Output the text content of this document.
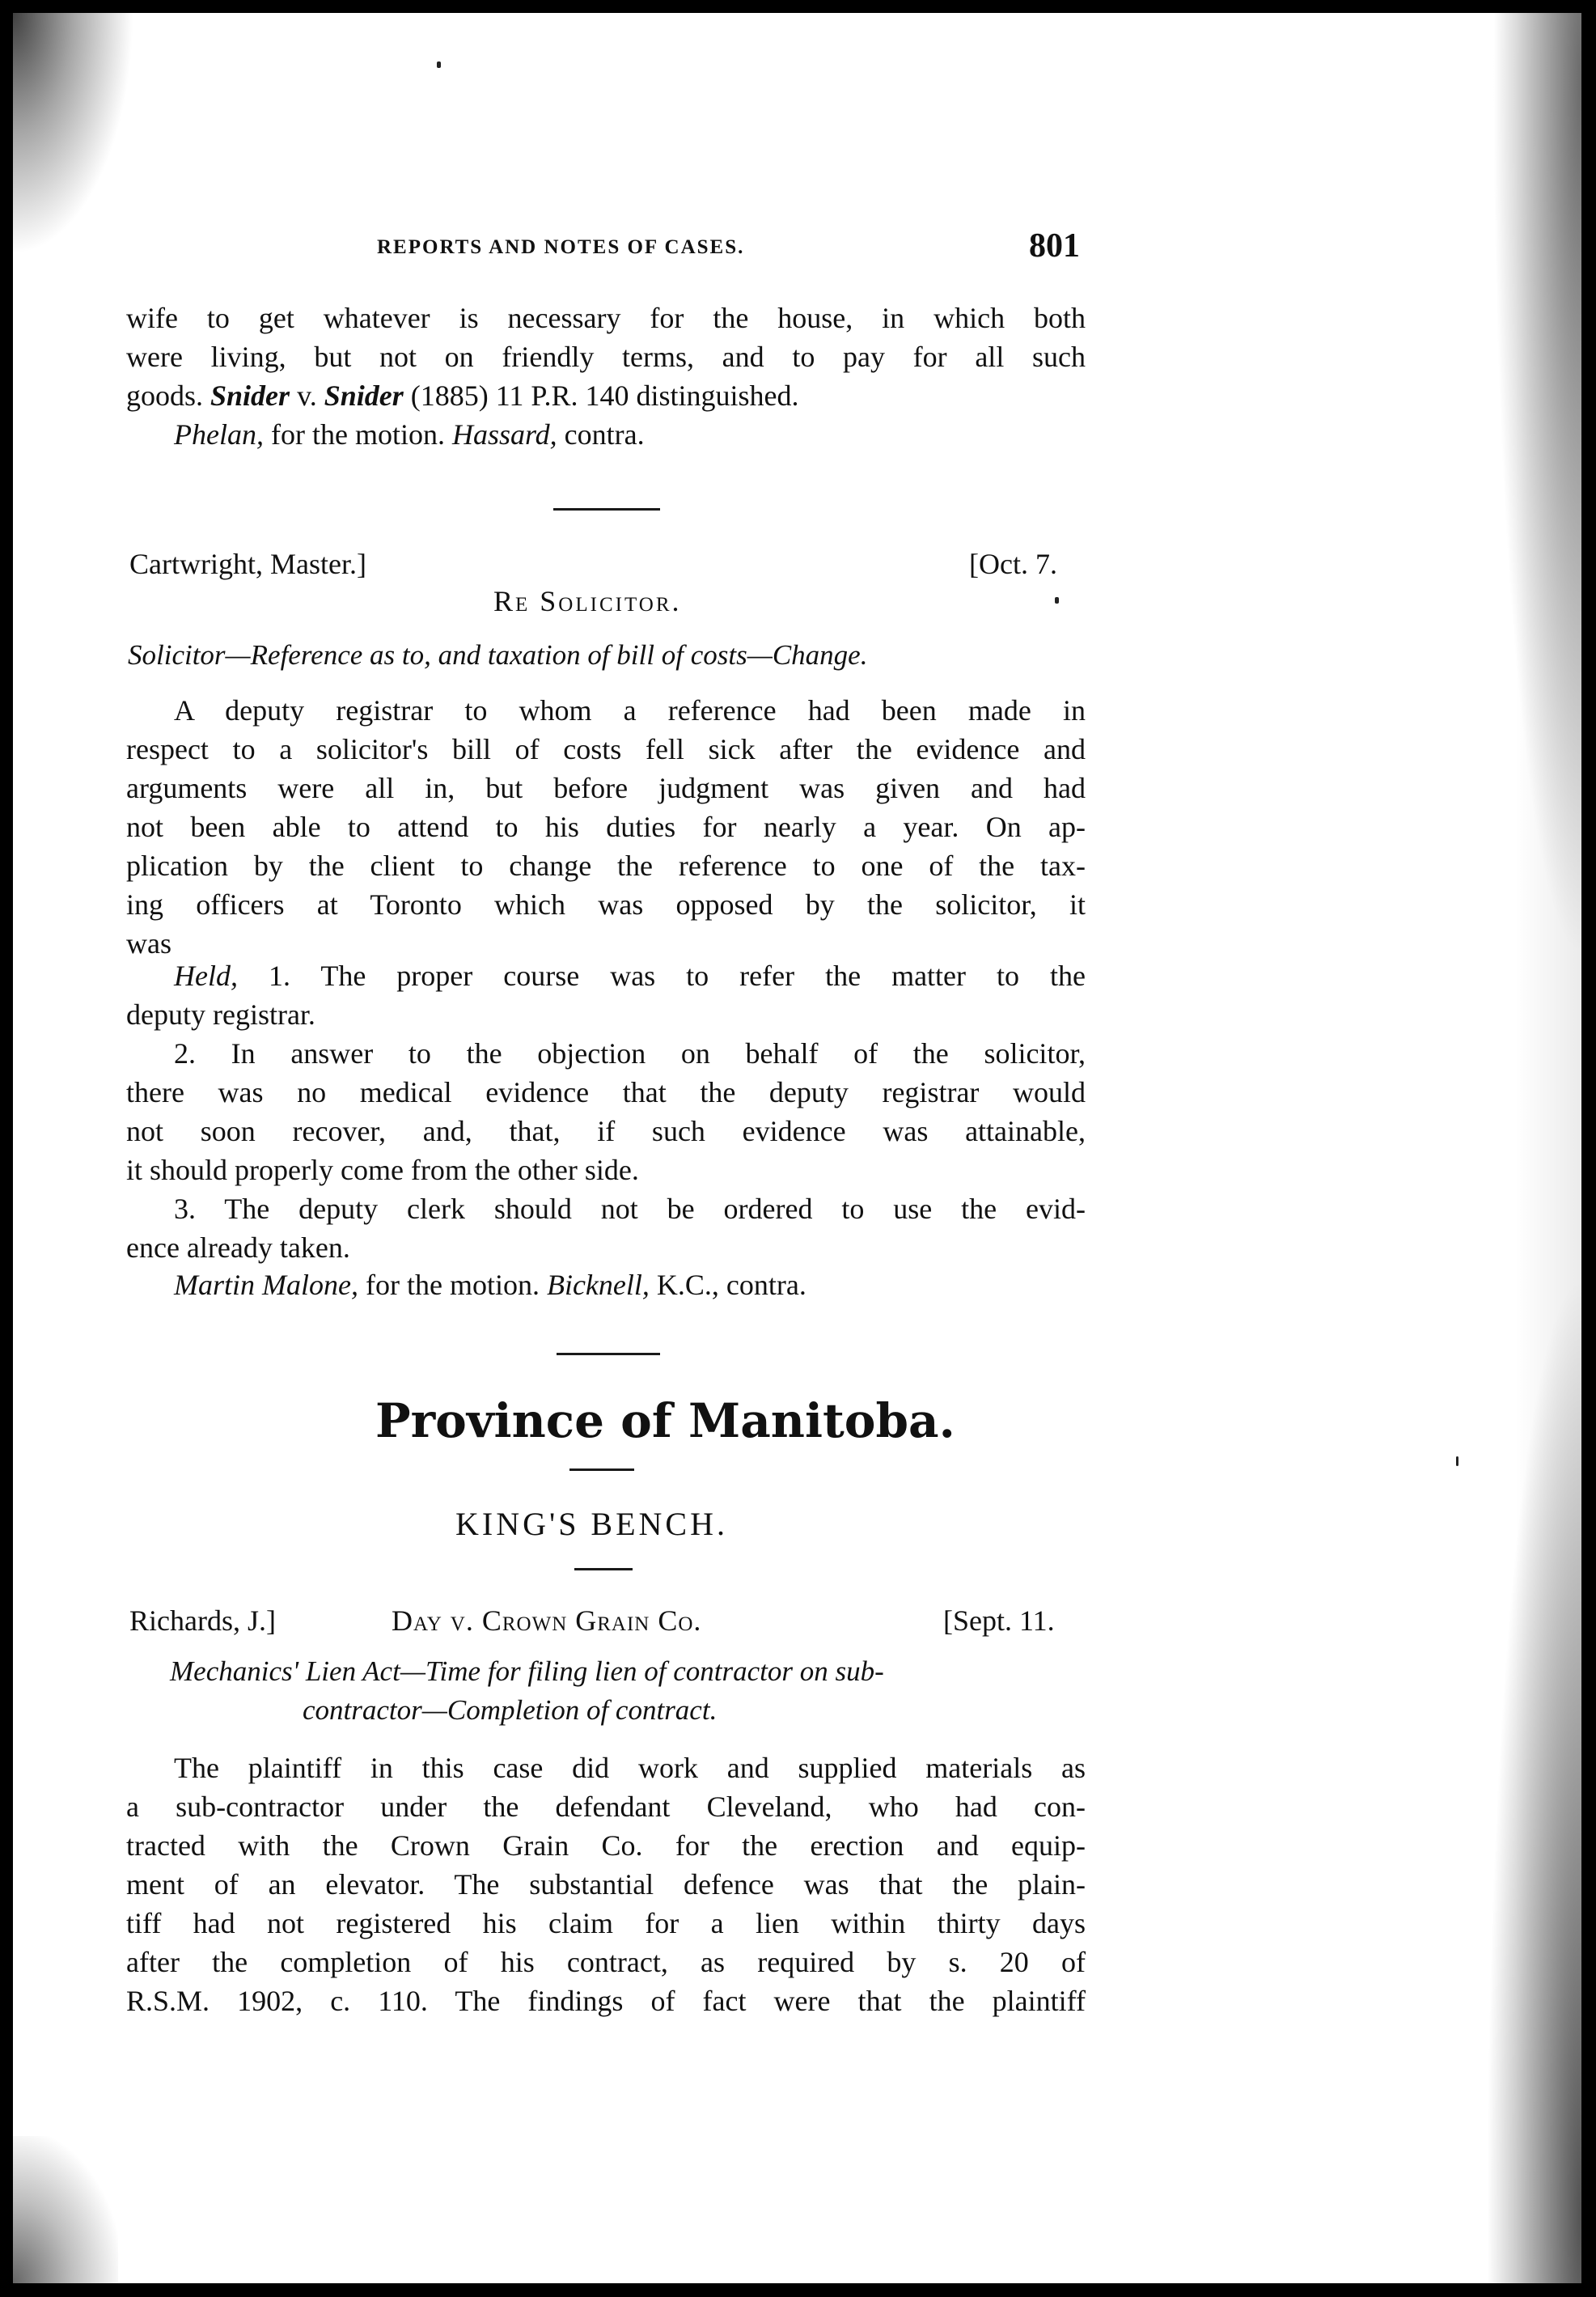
REPORTS AND NOTES OF CASES.	801
wife to get whatever is necessary for the house, in which both
were living, but not on friendly terms, and to pay for all such
goods. Snider v. Snider (1885) 11 P.R. 140 distinguished.
Phelan, for the motion. Hassard, contra.
Cartwright, Master.]	[Oct. 7.
Re Solicitor.
Solicitor—Reference as to, and taxation of bill of costs—Change.
A deputy registrar to whom a reference had been made in
respect to a solicitor's bill of costs fell sick after the evidence and
arguments were all in, but before judgment was given and had
not been able to attend to his duties for nearly a year. On ap-
plication by the client to change the reference to one of the tax-
ing officers at Toronto which was opposed by the solicitor, it
was
Held, 1. The proper course was to refer the matter to the
deputy registrar.
2. In answer to the objection on behalf of the solicitor,
there was no medical evidence that the deputy registrar would
not soon recover, and, that, if such evidence was attainable,
it should properly come from the other side.
3. The deputy clerk should not be ordered to use the evid-
ence already taken.
Martin Malone, for the motion. Bicknell, K.C., contra.
Province of Manitoba.
KING'S BENCH.
Richards, J.]	Day v. Crown Grain Co.	[Sept. 11.
Mechanics' Lien Act—Time for filing lien of contractor on sub-
contractor—Completion of contract.
The plaintiff in this case did work and supplied materials as
a sub-contractor under the defendant Cleveland, who had con-
tracted with the Crown Grain Co. for the erection and equip-
ment of an elevator. The substantial defence was that the plain-
tiff had not registered his claim for a lien within thirty days
after the completion of his contract, as required by s. 20 of
R.S.M. 1902, c. 110. The findings of fact were that the plaintiff
